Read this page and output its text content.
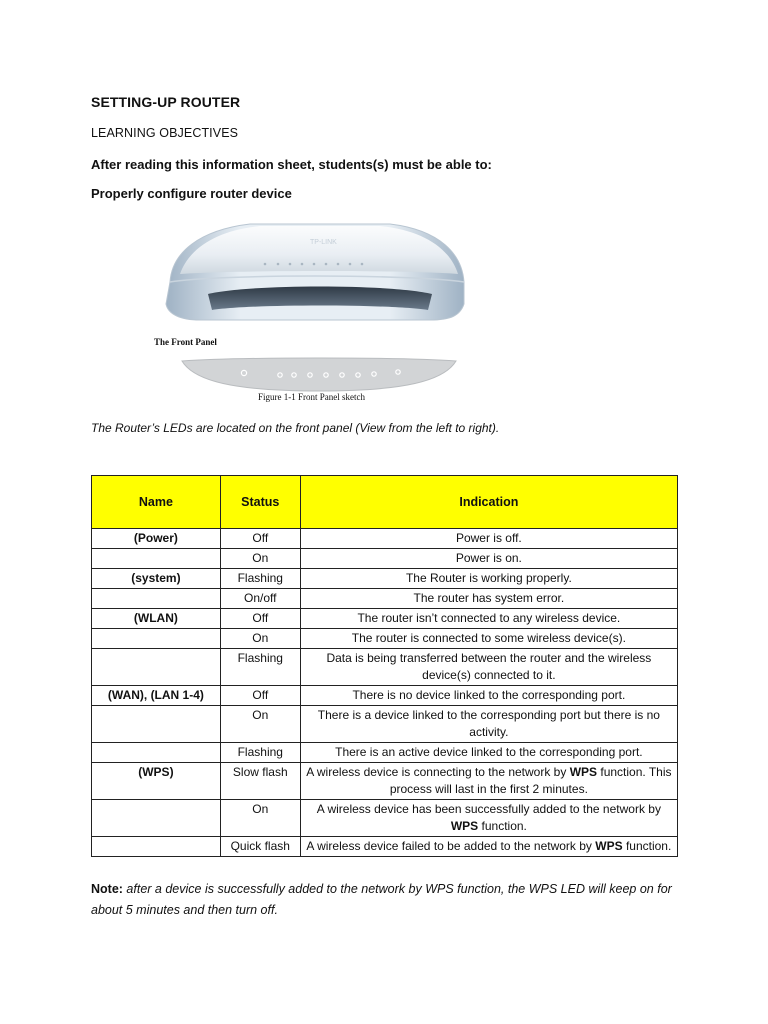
SETTING-UP ROUTER
LEARNING OBJECTIVES
After reading this information sheet, students(s) must be able to:
Properly configure router device
TP-LINK
The Front Panel
Figure 1-1 Front Panel sketch
The Router’s LEDs are located on the front panel (View from the left to right).
Name	Status	Indication
(Power)	Off	Power is off.
	On	Power is on.
(system)	Flashing	The Router is working properly.
	On/off	The router has system error.
(WLAN)	Off	The router isn’t connected to any wireless device.
	On	The router is connected to some wireless device(s).
	Flashing	Data is being transferred between the router and the wireless device(s) connected to it.
(WAN), (LAN 1-4)	Off	There is no device linked to the corresponding port.
	On	There is a device linked to the corresponding port but there is no activity.
	Flashing	There is an active device linked to the corresponding port.
(WPS)	Slow flash	A wireless device is connecting to the network by WPS function. This process will last in the first 2 minutes.
	On	A wireless device has been successfully added to the network by WPS function.
	Quick flash	A wireless device failed to be added to the network by WPS function.
Note: after a device is successfully added to the network by WPS function, the WPS LED will keep on for about 5 minutes and then turn off.
